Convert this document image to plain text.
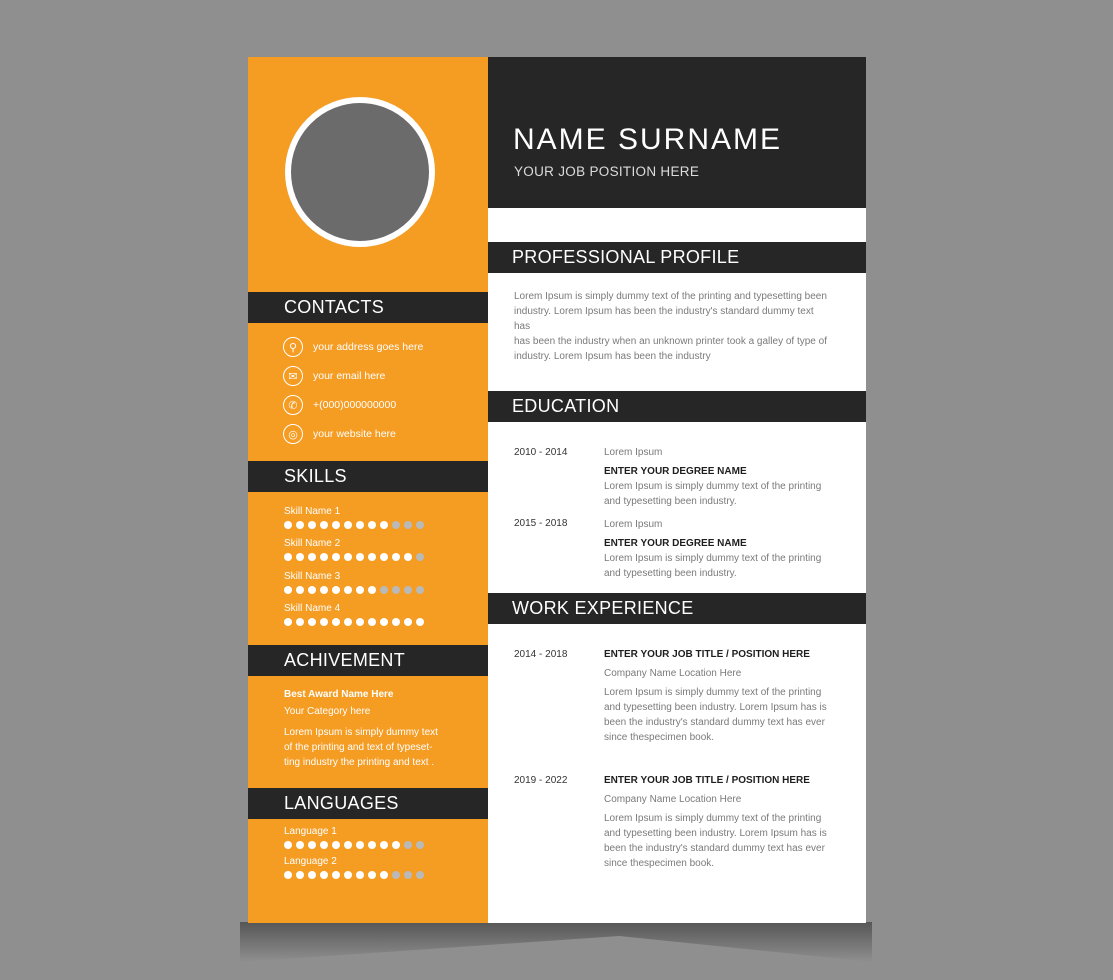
CONTACTS
⚲	your address goes here
✉	your email here
✆	+(000)000000000
◎	your website here
SKILLS
Skill Name 1
Skill Name 2
Skill Name 3
Skill Name 4
ACHIVEMENT
Best Award Name Here
Your Category here
Lorem Ipsum is simply dummy text
of the printing and text of typeset-
ting industry the printing and text .
LANGUAGES
Language 1
Language 2
NAME SURNAME
YOUR JOB POSITION HERE
PROFESSIONAL PROFILE
Lorem Ipsum is simply dummy text of the printing and typesetting been
industry. Lorem Ipsum has been the industry's standard dummy text has
has been the industry when an unknown printer took a galley of type of
industry. Lorem Ipsum has been the industry
EDUCATION
2010 - 2014	Lorem Ipsum
ENTER YOUR DEGREE NAME
Lorem Ipsum is simply dummy text of the printing
and typesetting been industry.
2015 - 2018	Lorem Ipsum
ENTER YOUR DEGREE NAME
Lorem Ipsum is simply dummy text of the printing
and typesetting been industry.
WORK EXPERIENCE
2014 - 2018	ENTER YOUR JOB TITLE / POSITION HERE
Company Name Location Here
Lorem Ipsum is simply dummy text of the printing
and typesetting been industry. Lorem Ipsum has is
been the industry's standard dummy text has ever
since thespecimen book.
2019 - 2022	ENTER YOUR JOB TITLE / POSITION HERE
Company Name Location Here
Lorem Ipsum is simply dummy text of the printing
and typesetting been industry. Lorem Ipsum has is
been the industry's standard dummy text has ever
since thespecimen book.
